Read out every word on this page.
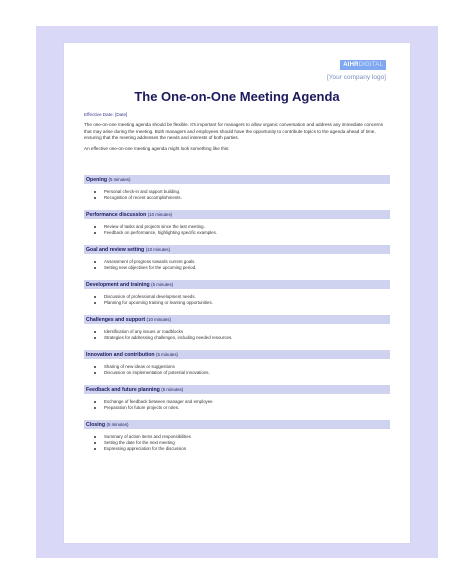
AIHRDIGITAL
[Your company logo]
The One-on-One Meeting Agenda

Effective Date: [Date]

The one-on-one meeting agenda should be flexible. It's important for managers to allow organic conversation and address any immediate concerns that may arise during the meeting. Both managers and employees should have the opportunity to contribute topics to the agenda ahead of time, ensuring that the meeting addresses the needs and interests of both parties.

An effective one-on-one meeting agenda might look something like this:

Opening (5 minutes)
Personal check-in and rapport building.
Recognition of recent accomplishments.
Performance discussion (10 minutes)
Review of tasks and projects since the last meeting.
Feedback on performance, highlighting specific examples.
Goal and review setting (10 minutes)
Assessment of progress towards current goals.
Setting new objectives for the upcoming period.
Development and training (5 minutes)
Discussion of professional development needs.
Planning for upcoming training or learning opportunities.
Challenges and support (10 minutes)
Identification of any issues or roadblocks
Strategies for addressing challenges, including needed resources.
Innovation and contribution (5 minutes)
Sharing of new ideas or suggestions
Discussion on implementation of potential innovations.
Feedback and future planning (5 minutes)
Exchange of feedback between manager and employee
Preparation for future projects or roles.
Closing (5 minutes)
Summary of action items and responsibilities
Setting the date for the next meeting
Expressing appreciation for the discussion
